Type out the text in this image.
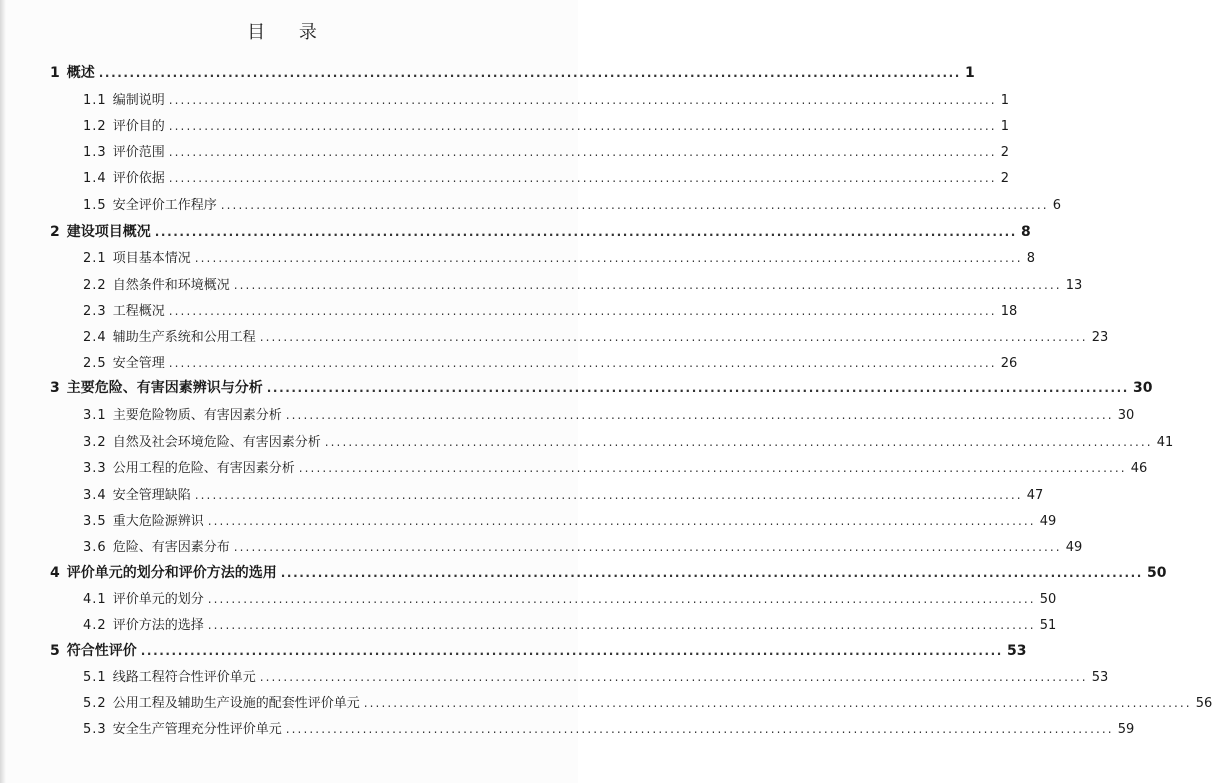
目 录
1 概述 ............................................................................................................................................ 1
1.1 编制说明 ............................................................................................................................................ 1
1.2 评价目的 ............................................................................................................................................ 1
1.3 评价范围 ............................................................................................................................................ 2
1.4 评价依据 ............................................................................................................................................ 2
1.5 安全评价工作程序 ............................................................................................................................................ 6
2 建设项目概况 ............................................................................................................................................ 8
2.1 项目基本情况 ............................................................................................................................................ 8
2.2 自然条件和环境概况 ............................................................................................................................................ 13
2.3 工程概况 ............................................................................................................................................ 18
2.4 辅助生产系统和公用工程 ............................................................................................................................................ 23
2.5 安全管理 ............................................................................................................................................ 26
3 主要危险、有害因素辨识与分析 ............................................................................................................................................ 30
3.1 主要危险物质、有害因素分析 ............................................................................................................................................ 30
3.2 自然及社会环境危险、有害因素分析 ............................................................................................................................................ 41
3.3 公用工程的危险、有害因素分析 ............................................................................................................................................ 46
3.4 安全管理缺陷 ............................................................................................................................................ 47
3.5 重大危险源辨识 ............................................................................................................................................ 49
3.6 危险、有害因素分布 ............................................................................................................................................ 49
4 评价单元的划分和评价方法的选用 ............................................................................................................................................ 50
4.1 评价单元的划分 ............................................................................................................................................ 50
4.2 评价方法的选择 ............................................................................................................................................ 51
5 符合性评价 ............................................................................................................................................ 53
5.1 线路工程符合性评价单元 ............................................................................................................................................ 53
5.2 公用工程及辅助生产设施的配套性评价单元 ............................................................................................................................................ 56
5.3 安全生产管理充分性评价单元 ............................................................................................................................................ 59
